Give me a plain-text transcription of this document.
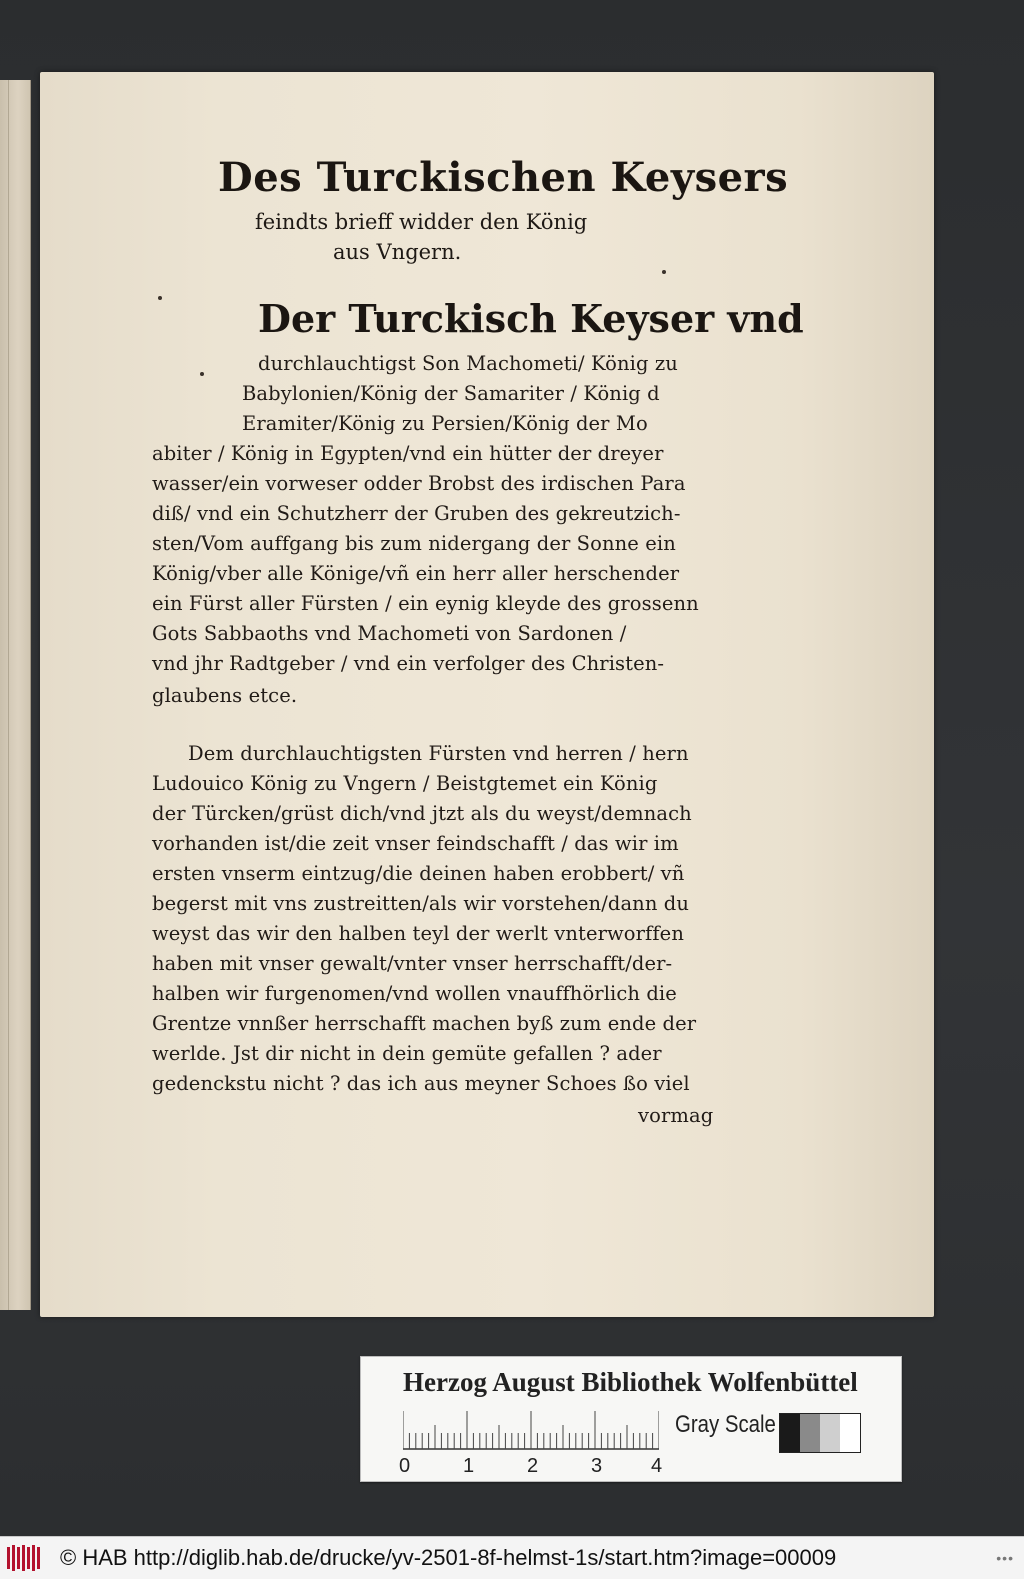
Des Turckischen Keysers
feindts brieff widder den König
aus Vngern.
Der Turckisch Keyser vnd
durchlauchtigst Son Machometi/ König zu
Babylonien/König der Samariter / König d
Eramiter/König zu Persien/König der Mo
abiter / König in Egypten/vnd ein hütter der dreyer
wasser/ein vorweser odder Brobst des irdischen Para
diß/ vnd ein Schutzherr der Gruben des gekreutzich-
sten/Vom auffgang bis zum nidergang der Sonne ein
König/vber alle Könige/vñ ein herr aller herschender
ein Fürst aller Fürsten / ein eynig kleyde des grossenn
Gots Sabbaoths vnd Machometi von Sardonen /
vnd jhr Radtgeber / vnd ein verfolger des Christen-
glaubens etce.
Dem durchlauchtigsten Fürsten vnd herren / hern
Ludouico König zu Vngern / Beistgtemet ein König
der Türcken/grüst dich/vnd jtzt als du weyst/demnach
vorhanden ist/die zeit vnser feindschafft / das wir im
ersten vnserm eintzug/die deinen haben erobbert/ vñ
begerst mit vns zustreitten/als wir vorstehen/dann du
weyst das wir den halben teyl der werlt vnterworffen
haben mit vnser gewalt/vnter vnser herrschafft/der-
halben wir furgenomen/vnd wollen vnauffhörlich die
Grentze vnnßer herrschafft machen byß zum ende der
werlde. Jst dir nicht in dein gemüte gefallen ? ader
gedenckstu nicht ? das ich aus meyner Schoes ßo viel
vormag
Herzog August Bibliothek Wolfenbüttel
0	1	2	3 4
Gray Scale
© HAB http://diglib.hab.de/drucke/yv-2501-8f-helmst-1s/start.htm?image=00009	•••
